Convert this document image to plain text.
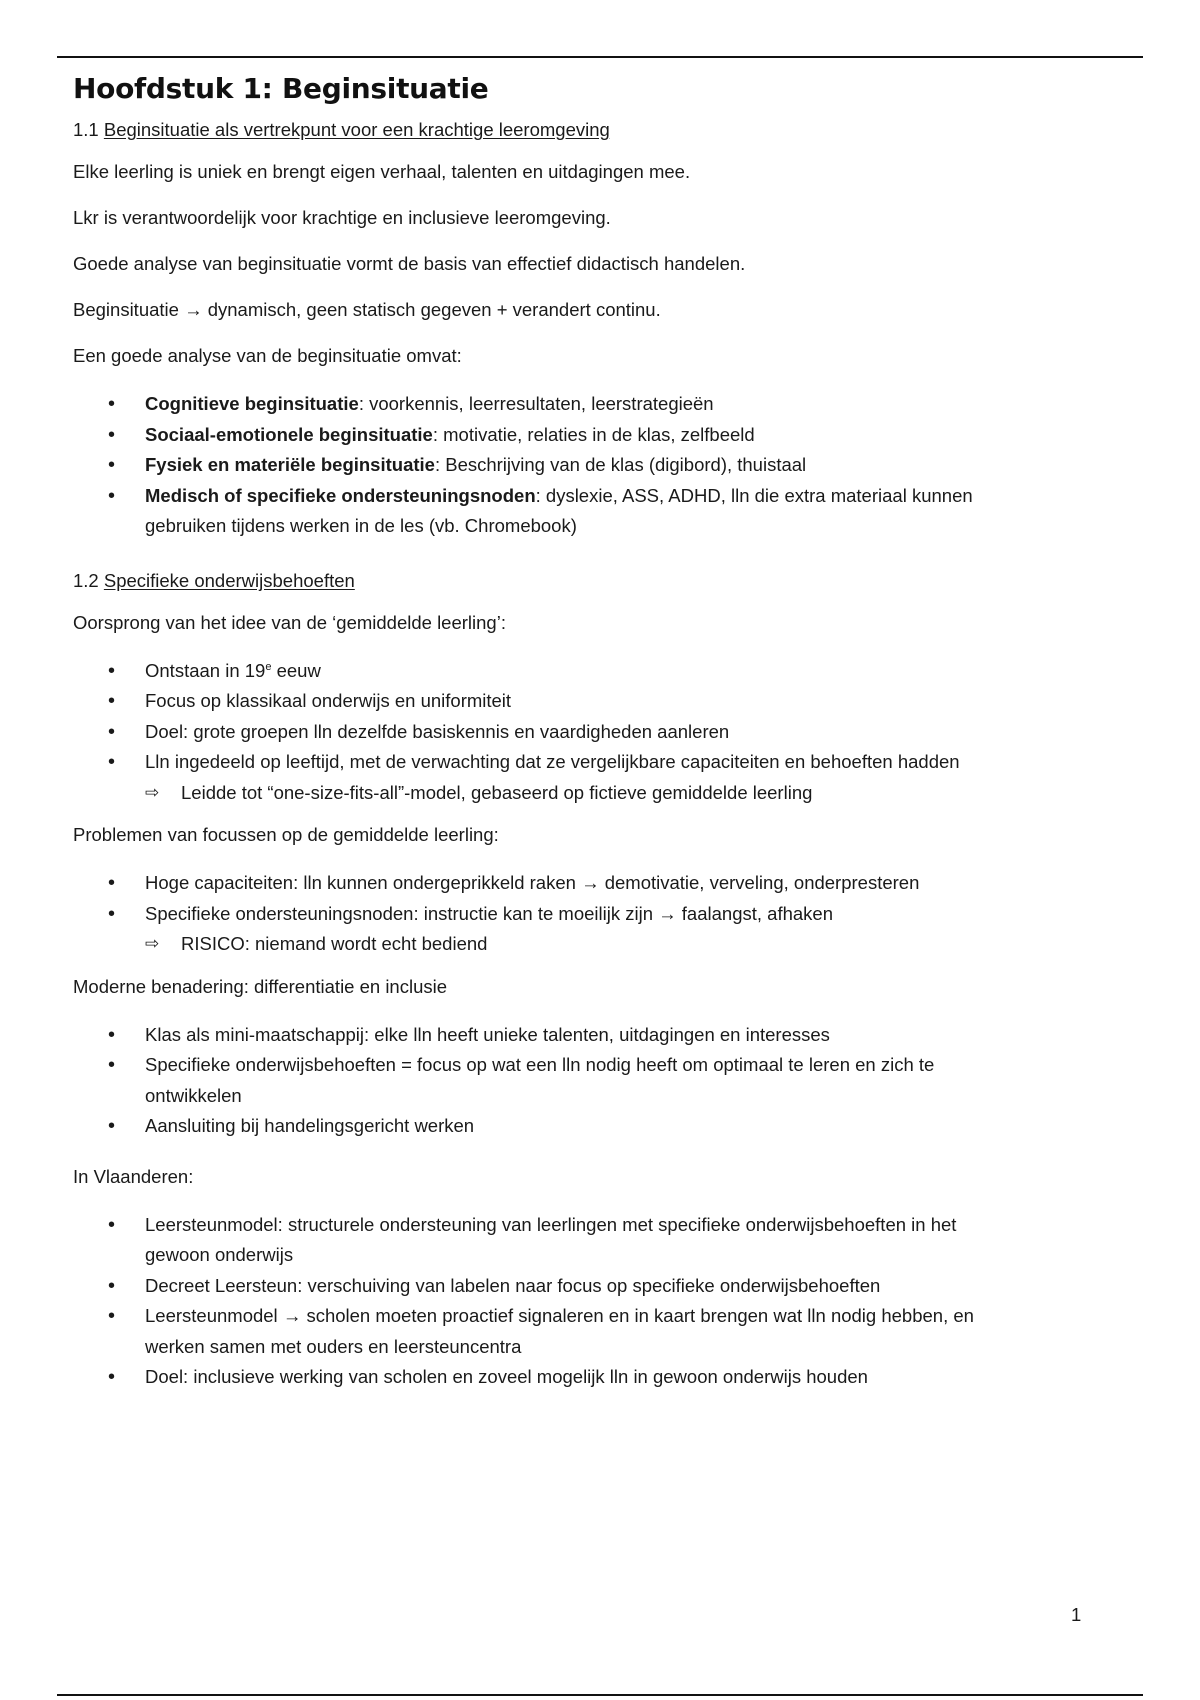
Hoofdstuk 1: Beginsituatie
1.1 Beginsituatie als vertrekpunt voor een krachtige leeromgeving

Elke leerling is uniek en brengt eigen verhaal, talenten en uitdagingen mee.

Lkr is verantwoordelijk voor krachtige en inclusieve leeromgeving.

Goede analyse van beginsituatie vormt de basis van effectief didactisch handelen.

Beginsituatie → dynamisch, geen statisch gegeven + verandert continu.

Een goede analyse van de beginsituatie omvat:

• Cognitieve beginsituatie: voorkennis, leerresultaten, leerstrategieën
• Sociaal-emotionele beginsituatie: motivatie, relaties in de klas, zelfbeeld
• Fysiek en materiële beginsituatie: Beschrijving van de klas (digibord), thuistaal
• Medisch of specifieke ondersteuningsnoden: dyslexie, ASS, ADHD, lln die extra materiaal kunnen
gebruiken tijdens werken in de les (vb. Chromebook)
1.2 Specifieke onderwijsbehoeften

Oorsprong van het idee van de ‘gemiddelde leerling’:

• Ontstaan in 19e eeuw
• Focus op klassikaal onderwijs en uniformiteit
• Doel: grote groepen lln dezelfde basiskennis en vaardigheden aanleren
• Lln ingedeeld op leeftijd, met de verwachting dat ze vergelijkbare capaciteiten en behoeften hadden
⇨ Leidde tot “one-size-fits-all”-model, gebaseerd op fictieve gemiddelde leerling

Problemen van focussen op de gemiddelde leerling:

• Hoge capaciteiten: lln kunnen ondergeprikkeld raken → demotivatie, verveling, onderpresteren
• Specifieke ondersteuningsnoden: instructie kan te moeilijk zijn → faalangst, afhaken
⇨ RISICO: niemand wordt echt bediend

Moderne benadering: differentiatie en inclusie

• Klas als mini-maatschappij: elke lln heeft unieke talenten, uitdagingen en interesses
• Specifieke onderwijsbehoeften = focus op wat een lln nodig heeft om optimaal te leren en zich te
ontwikkelen
• Aansluiting bij handelingsgericht werken

In Vlaanderen:

• Leersteunmodel: structurele ondersteuning van leerlingen met specifieke onderwijsbehoeften in het
gewoon onderwijs
• Decreet Leersteun: verschuiving van labelen naar focus op specifieke onderwijsbehoeften
• Leersteunmodel → scholen moeten proactief signaleren en in kaart brengen wat lln nodig hebben, en
werken samen met ouders en leersteuncentra
• Doel: inclusieve werking van scholen en zoveel mogelijk lln in gewoon onderwijs houden
1
